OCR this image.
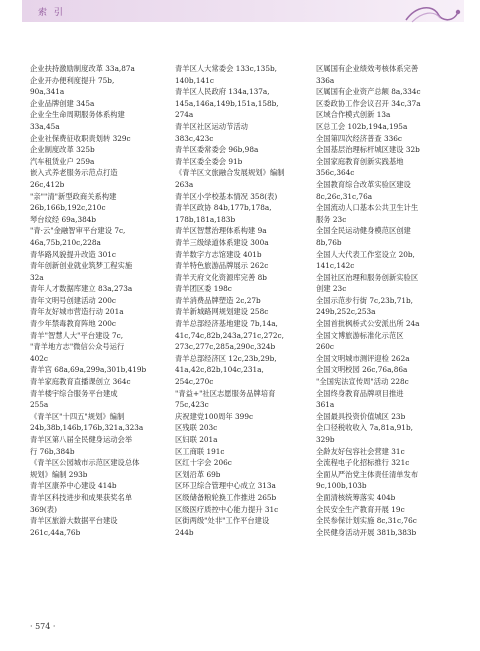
索 引
企业扶持激励制度改革 33a,87a
企业开办便利度提升 75b,
90a,341a
企业品牌创建 345a
企业全生命周期服务体系构建
33a,45a
企业社保费征收职责划转 329c
企业制度改革 325b
汽车租赁业户 259a
嵌入式养老服务示范点打造
26c,412b
"亲""清"新型政商关系构建
26b,166b,192c,210c
琴台纹经 69a,384b
"青·云"金融智审平台建设 7c,
46a,75b,210c,228a
青华路风貌提升改造 301c
青年创新创业就业筑梦工程实施
32a
青年人才数据库建立 83a,273a
青年文明号创建活动 200c
青年友好城市营造行动 201a
青少年禁毒教育阵地 200c
青羊"智慧人大"平台建设 7c,
"青羊地方志"微信公众号运行
402c
青羊宫 68a,69a,299a,301b,419b
青羊家庭教育直播课创立 364c
青羊楼宇综合服务平台建成
255a
《青羊区"十四五"规划》编制
24b,38b,146b,176b,321a,323a
青羊区第八届全民健身运动会举
行 76b,384b
《青羊区公园城市示范区建设总体
规划》编制 293b
青羊区康养中心建设 414b
青羊区科技进步和成果获奖名单
369(表)
青羊区旅游大数据平台建设
261c,44a,76b
青羊区人大常委会 133c,135b,
140b,141c
青羊区人民政府 134a,137a,
145a,146a,149b,151a,158b,
274a
青羊区社区运动节活动
383c,423c
青羊区委常委会 96b,98a
青羊区委全委会 91b
《青羊区文旅融合发展规划》编制
263a
青羊区小学校基本情况 358(表)
青羊区政协 84b,177b,178a,
178b,181a,183b
青羊区智慧治理体系构建 9a
青羊三级绿道体系建设 300a
青羊数字方志馆建设 401b
青羊特色旅游品牌展示 262c
青羊天府文化资源库完善 8b
青羊团区委 198c
青羊消费品牌塑造 2c,27b
青羊新城路网规划建设 258c
青羊总部经济基地建设 7b,14a,
41c,74c,82b,243a,271c,272c,
273c,277c,285a,290c,324b
青羊总部经济区 12c,23b,29b,
41a,42c,82b,104c,231a,
254c,270c
"青益+"社区志愿服务品牌培育
75c,423c
庆祝建党100周年 399c
区残联 203c
区妇联 201a
区工商联 191c
区红十字会 206c
区划沿革 69b
区环卫综合管理中心成立 313a
区级储备粮轮换工作推进 265b
区级医疗质控中心能力提升 31c
区街两级"处非"工作平台建设
244b
区属国有企业绩效考核体系完善
336a
区属国有企业资产总额 8a,334c
区委政协工作会议召开 34c,37a
区域合作模式创新 13a
区总工会 102b,194a,195a
全国第四次经济普查 336c
全国基层治理标杆城区建设 32b
全国家庭教育创新实践基地
356c,364c
全国教育综合改革实验区建设
8c,26c,31c,76a
全国流动人口基本公共卫生计生
服务 23c
全国全民运动健身模范区创建
8b,76b
全国人大代表工作室设立 20b,
141c,142c
全国社区治理和服务创新实验区
创建 23c
全国示范步行街 7c,23b,71b,
249b,252c,253a
全国首批枫桥式公安派出所 24a
全国文博旅游标准化示范区
260c
全国文明城市测评迎检 262a
全国文明校园 26c,76a,86a
"全国宪法宣传周"活动 228c
全国终身教育品牌项目推进
361a
全国最具投资价值城区 23b
全口径税收收入 7a,81a,91b,
329b
全龄友好包容社会营建 31c
全流程电子化招标推行 321c
全面从严治党主体责任清单发布
9c,100b,103b
全面清核统筹落实 404b
全民安全生产教育开展 19c
全民参保计划实施 8c,31c,76c
全民健身活动开展 381b,383b
· 574 ·
